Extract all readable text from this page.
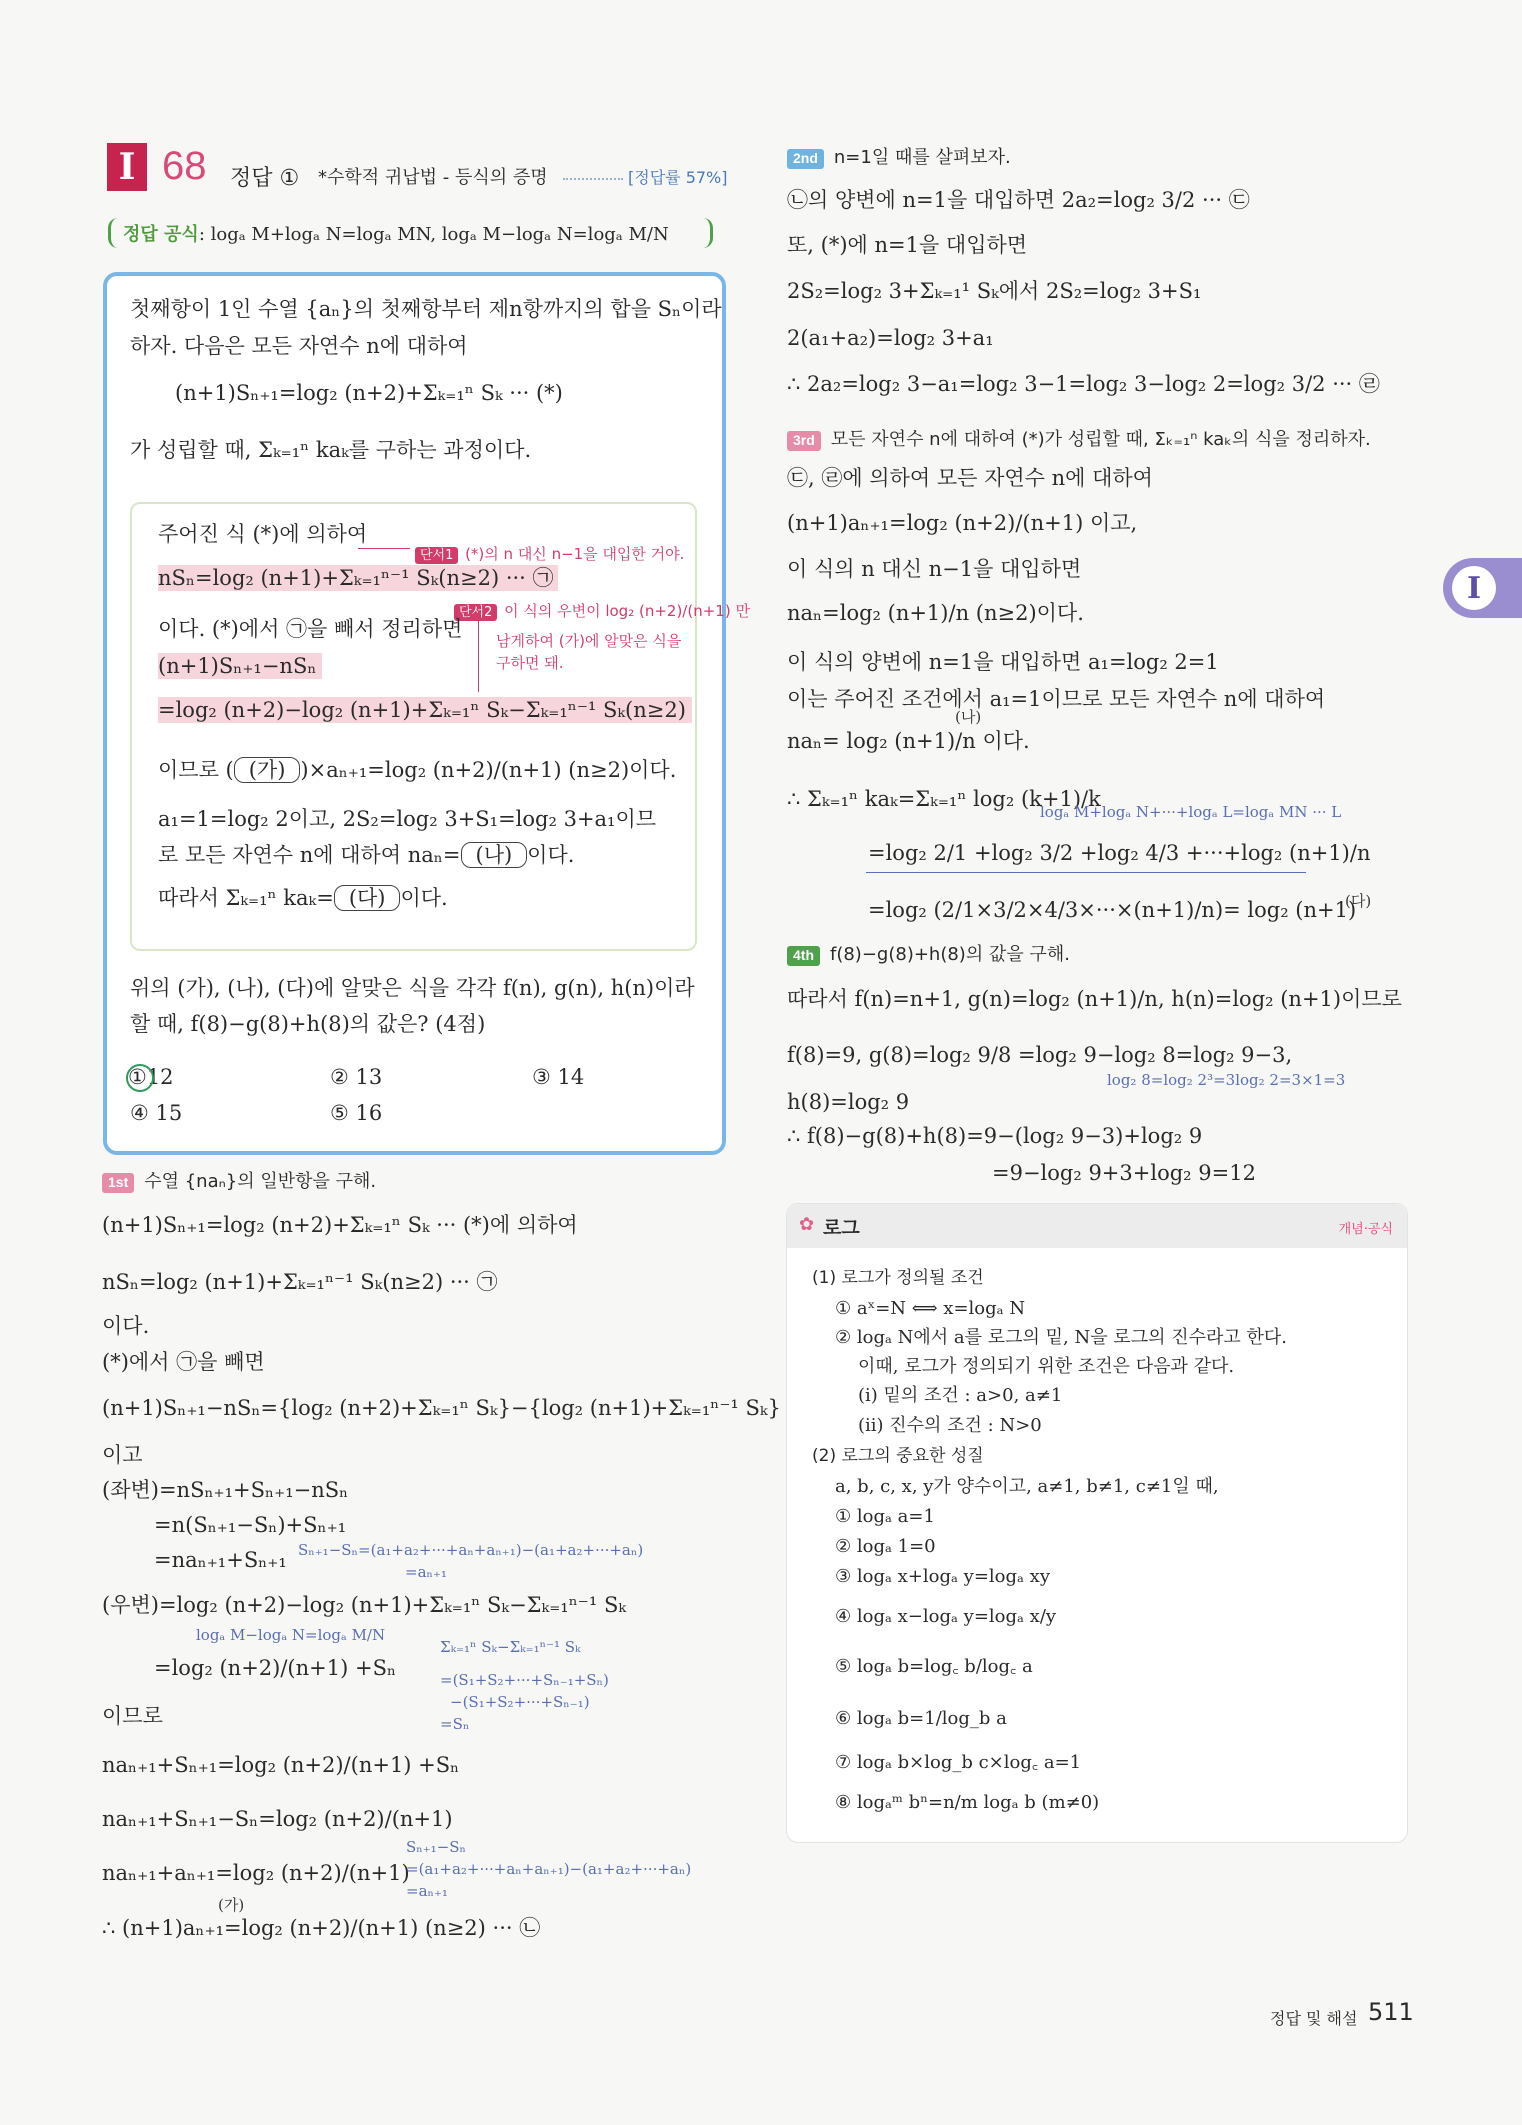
I 68 정답 ① *수학적 귀납법 - 등식의 증명	[정답률 57%]
정답 공식: logₐ M+logₐ N=logₐ MN, logₐ M−logₐ N=logₐ M/N
첫째항이 1인 수열 {aₙ}의 첫째항부터 제n항까지의 합을 Sₙ이라
하자. 다음은 모든 자연수 n에 대하여
(n+1)Sₙ₊₁=log₂ (n+2)+Σₖ₌₁ⁿ Sₖ ··· (*)
가 성립할 때, Σₖ₌₁ⁿ kaₖ를 구하는 과정이다.
주어진 식 (*)에 의하여
단서1 (*)의 n 대신 n−1을 대입한 거야.
nSₙ=log₂ (n+1)+Σₖ₌₁ⁿ⁻¹ Sₖ(n≥2) ··· ㉠
단서2 이 식의 우변이 log₂ (n+2)/(n+1) 만
남게하여 (가)에 알맞은 식을
구하면 돼.
이다. (*)에서 ㉠을 빼서 정리하면
(n+1)Sₙ₊₁−nSₙ
=log₂ (n+2)−log₂ (n+1)+Σₖ₌₁ⁿ Sₖ−Σₖ₌₁ⁿ⁻¹ Sₖ(n≥2)
이므로 ( (가) )×aₙ₊₁=log₂ (n+2)/(n+1) (n≥2)이다.
a₁=1=log₂ 2이고, 2S₂=log₂ 3+S₁=log₂ 3+a₁이므
로 모든 자연수 n에 대하여 naₙ= (나) 이다.
따라서 Σₖ₌₁ⁿ kaₖ= (다) 이다.
위의 (가), (나), (다)에 알맞은 식을 각각 f(n), g(n), h(n)이라
할 때, f(8)−g(8)+h(8)의 값은? (4점)
①12	② 13	③ 14
④ 15	⑤ 16
1st 수열 {naₙ}의 일반항을 구해.
(n+1)Sₙ₊₁=log₂ (n+2)+Σₖ₌₁ⁿ Sₖ ··· (*)에 의하여
nSₙ=log₂ (n+1)+Σₖ₌₁ⁿ⁻¹ Sₖ(n≥2) ··· ㉠
이다.
(*)에서 ㉠을 빼면
(n+1)Sₙ₊₁−nSₙ={log₂ (n+2)+Σₖ₌₁ⁿ Sₖ}−{log₂ (n+1)+Σₖ₌₁ⁿ⁻¹ Sₖ}
이고
(좌변)=nSₙ₊₁+Sₙ₊₁−nSₙ
=n(Sₙ₊₁−Sₙ)+Sₙ₊₁
=naₙ₊₁+Sₙ₊₁
(우변)=log₂ (n+2)−log₂ (n+1)+Σₖ₌₁ⁿ Sₖ−Σₖ₌₁ⁿ⁻¹ Sₖ
=log₂ (n+2)/(n+1) +Sₙ
이므로
naₙ₊₁+Sₙ₊₁=log₂ (n+2)/(n+1) +Sₙ
naₙ₊₁+Sₙ₊₁−Sₙ=log₂ (n+2)/(n+1)
naₙ₊₁+aₙ₊₁=log₂ (n+2)/(n+1)
∴ (n+1)aₙ₊₁=log₂ (n+2)/(n+1) (n≥2) ··· ㉡
Sₙ₊₁−Sₙ=(a₁+a₂+···+aₙ+aₙ₊₁)−(a₁+a₂+···+aₙ)
=aₙ₊₁
logₐ M−logₐ N=logₐ M/N
Σₖ₌₁ⁿ Sₖ−Σₖ₌₁ⁿ⁻¹ Sₖ
=(S₁+S₂+···+Sₙ₋₁+Sₙ)
−(S₁+S₂+···+Sₙ₋₁)
=Sₙ
Sₙ₊₁−Sₙ
=(a₁+a₂+···+aₙ+aₙ₊₁)−(a₁+a₂+···+aₙ)
=aₙ₊₁
(가)
2nd n=1일 때를 살펴보자.
㉡의 양변에 n=1을 대입하면 2a₂=log₂ 3/2 ··· ㉢
또, (*)에 n=1을 대입하면
2S₂=log₂ 3+Σₖ₌₁¹ Sₖ에서 2S₂=log₂ 3+S₁
2(a₁+a₂)=log₂ 3+a₁
∴ 2a₂=log₂ 3−a₁=log₂ 3−1=log₂ 3−log₂ 2=log₂ 3/2 ··· ㉣
3rd 모든 자연수 n에 대하여 (*)가 성립할 때, Σₖ₌₁ⁿ kaₖ의 식을 정리하자.
㉢, ㉣에 의하여 모든 자연수 n에 대하여
(n+1)aₙ₊₁=log₂ (n+2)/(n+1) 이고,
이 식의 n 대신 n−1을 대입하면
naₙ=log₂ (n+1)/n (n≥2)이다.
이 식의 양변에 n=1을 대입하면 a₁=log₂ 2=1
이는 주어진 조건에서 a₁=1이므로 모든 자연수 n에 대하여
naₙ= log₂ (n+1)/n 이다.
∴ Σₖ₌₁ⁿ kaₖ=Σₖ₌₁ⁿ log₂ (k+1)/k
=log₂ 2/1 +log₂ 3/2 +log₂ 4/3 +···+log₂ (n+1)/n
=log₂ (2/1×3/2×4/3×···×(n+1)/n)= log₂ (n+1)
(나)
logₐ M+logₐ N+···+logₐ L=logₐ MN ··· L
(다)
4th f(8)−g(8)+h(8)의 값을 구해.
따라서 f(n)=n+1, g(n)=log₂ (n+1)/n, h(n)=log₂ (n+1)이므로
f(8)=9, g(8)=log₂ 9/8 =log₂ 9−log₂ 8=log₂ 9−3,
log₂ 8=log₂ 2³=3log₂ 2=3×1=3
h(8)=log₂ 9
∴ f(8)−g(8)+h(8)=9−(log₂ 9−3)+log₂ 9
=9−log₂ 9+3+log₂ 9=12
✿ 로그	개념·공식
(1) 로그가 정의될 조건
① aˣ=N ⟺ x=logₐ N
② logₐ N에서 a를 로그의 밑, N을 로그의 진수라고 한다.
이때, 로그가 정의되기 위한 조건은 다음과 같다.
(ⅰ) 밑의 조건 : a>0, a≠1
(ⅱ) 진수의 조건 : N>0
(2) 로그의 중요한 성질
a, b, c, x, y가 양수이고, a≠1, b≠1, c≠1일 때,
① logₐ a=1
② logₐ 1=0
③ logₐ x+logₐ y=logₐ xy
④ logₐ x−logₐ y=logₐ x/y
⑤ logₐ b=log꜀ b/log꜀ a
⑥ logₐ b=1/log_b a
⑦ logₐ b×log_b c×log꜀ a=1
⑧ logₐᵐ bⁿ=n/m logₐ b (m≠0)
I
정답 및 해설 511
